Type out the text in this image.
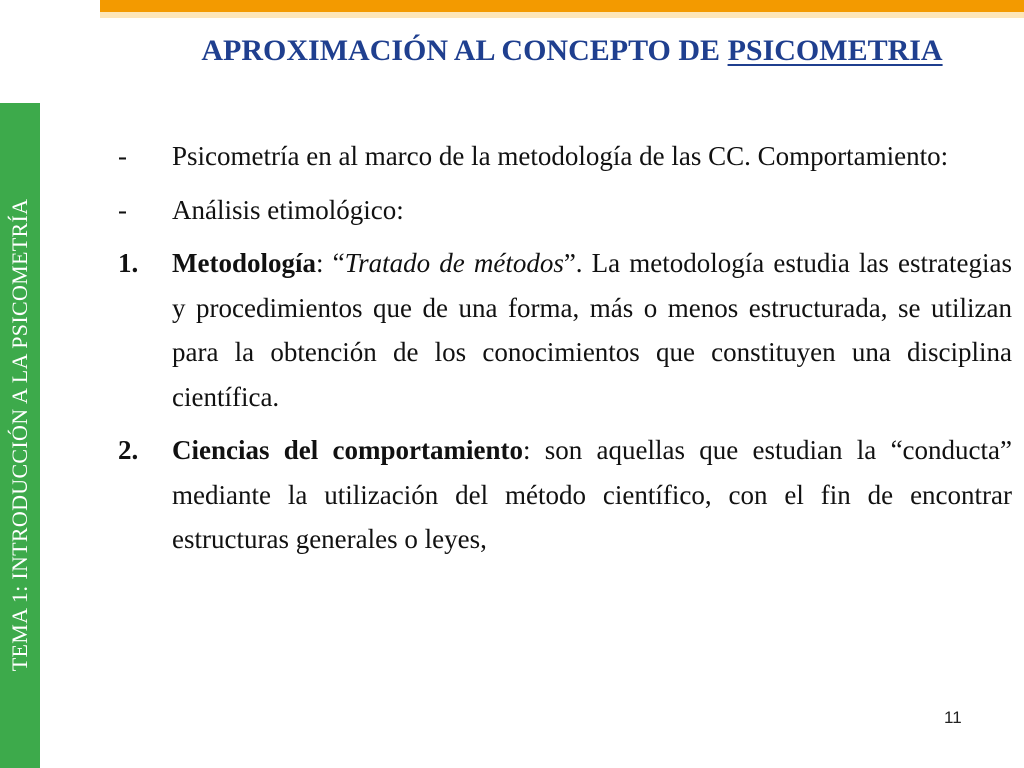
TEMA 1: INTRODUCCIÓN A LA PSICOMETRÍA
APROXIMACIÓN AL CONCEPTO DE PSICOMETRIA
-	Psicometría en al marco de la metodología de las CC. Comportamiento:
-	Análisis etimológico:
1.	Metodología: “Tratado de métodos”. La metodología estudia las estrategias y procedimientos que de una forma, más o menos estructurada, se utilizan para la obtención de los conocimientos que constituyen una disciplina científica.
2.	Ciencias del comportamiento: son aquellas que estudian la “conducta” mediante la utilización del método científico, con el fin de encontrar estructuras generales o leyes,
11
